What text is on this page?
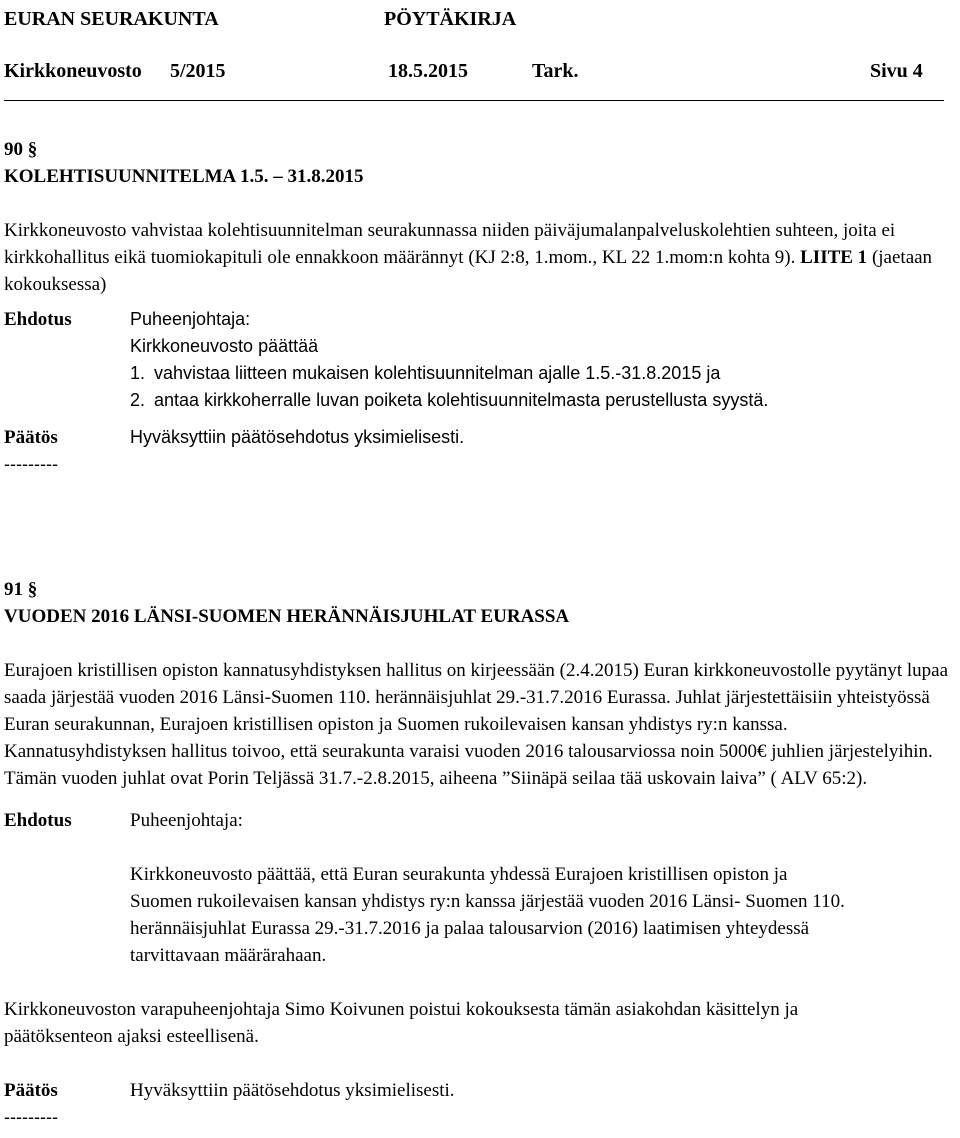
EURAN SEURAKUNTA	PÖYTÄKIRJA
Kirkkoneuvosto 5/2015	18.5.2015	Tark.	Sivu 4
90 §
KOLEHTISUUNNITELMA 1.5. – 31.8.2015

Kirkkoneuvosto vahvistaa kolehtisuunnitelman seurakunnassa niiden päiväjumalanpalveluskolehtien suhteen, joita ei kirkkohallitus eikä tuomiokapituli ole ennakkoon määrännyt (KJ 2:8, 1.mom., KL 22 1.mom:n kohta 9). LIITE 1 (jaetaan kokouksessa)

Ehdotus	Puheenjohtaja:
Kirkkoneuvosto päättää
1. vahvistaa liitteen mukaisen kolehtisuunnitelman ajalle 1.5.-31.8.2015 ja
2. antaa kirkkoherralle luvan poiketa kolehtisuunnitelmasta perustellusta syystä.
Päätös	Hyväksyttiin päätösehdotus yksimielisesti.
---------
91 §
VUODEN 2016 LÄNSI-SUOMEN HERÄNNÄISJUHLAT EURASSA

Eurajoen kristillisen opiston kannatusyhdistyksen hallitus on kirjeessään (2.4.2015) Euran kirkkoneuvostolle pyytänyt lupaa saada järjestää vuoden 2016 Länsi-Suomen 110. herännäisjuhlat 29.-31.7.2016 Eurassa. Juhlat järjestettäisiin yhteistyössä Euran seurakunnan, Eurajoen kristillisen opiston ja Suomen rukoilevaisen kansan yhdistys ry:n kanssa. Kannatusyhdistyksen hallitus toivoo, että seurakunta varaisi vuoden 2016 talousarviossa noin 5000€ juhlien järjestelyihin. Tämän vuoden juhlat ovat Porin Teljässä 31.7.-2.8.2015, aiheena ”Siinäpä seilaa tää uskovain laiva” ( ALV 65:2).

Ehdotus	Puheenjohtaja:

Kirkkoneuvosto päättää, että Euran seurakunta yhdessä Eurajoen kristillisen opiston ja Suomen rukoilevaisen kansan yhdistys ry:n kanssa järjestää vuoden 2016 Länsi- Suomen 110. herännäisjuhlat Eurassa 29.-31.7.2016 ja palaa talousarvion (2016) laatimisen yhteydessä tarvittavaan määrärahaan.

Kirkkoneuvoston varapuheenjohtaja Simo Koivunen poistui kokouksesta tämän asiakohdan käsittelyn ja päätöksenteon ajaksi esteellisenä.

Päätös	Hyväksyttiin päätösehdotus yksimielisesti.
---------
